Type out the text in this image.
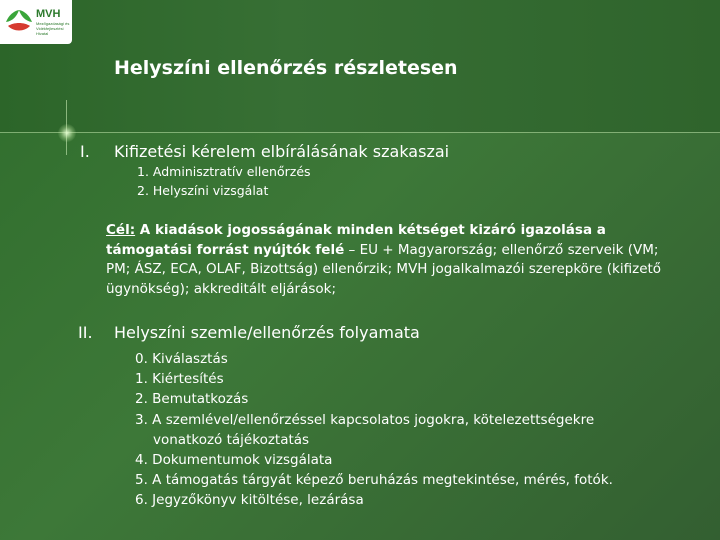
MVH
Mezőgazdasági és Vidékfejlesztési Hivatal
Helyszíni ellenőrzés részletesen
I. Kifizetési kérelem elbírálásának szakaszai
1. Adminisztratív ellenőrzés
2. Helyszíni vizsgálat
Cél: A kiadások jogosságának minden kétséget kizáró igazolása a támogatási forrást nyújtók felé – EU + Magyarország; ellenőrző szerveik (VM; PM; ÁSZ, ECA, OLAF, Bizottság) ellenőrzik; MVH jogalkalmazói szerepköre (kifizető ügynökség); akkreditált eljárások;
II. Helyszíni szemle/ellenőrzés folyamata
0. Kiválasztás
1. Kiértesítés
2. Bemutatkozás
3. A szemlével/ellenőrzéssel kapcsolatos jogokra, kötelezettségekre
vonatkozó tájékoztatás
4. Dokumentumok vizsgálata
5. A támogatás tárgyát képező beruházás megtekintése, mérés, fotók.
6. Jegyzőkönyv kitöltése, lezárása
